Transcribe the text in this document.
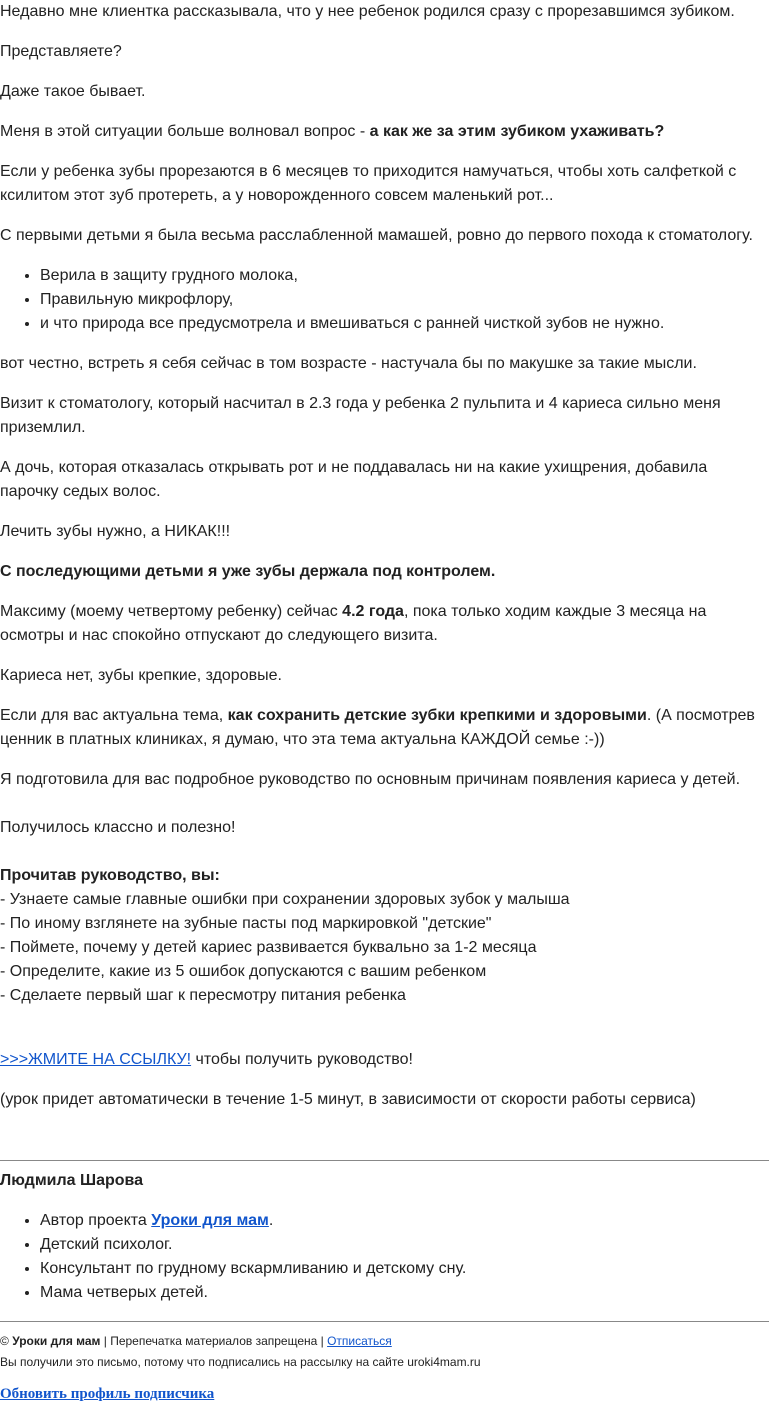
Недавно мне клиентка рассказывала, что у нее ребенок родился сразу с прорезавшимся зубиком.

Представляете?

Даже такое бывает.

Меня в этой ситуации больше волновал вопрос - а как же за этим зубиком ухаживать?

Если у ребенка зубы прорезаются в 6 месяцев то приходится намучаться, чтобы хоть салфеткой с ксилитом этот зуб протереть, а у новорожденного совсем маленький рот...

С первыми детьми я была весьма расслабленной мамашей, ровно до первого похода к стоматологу.

• Верила в защиту грудного молока,
• Правильную микрофлору,
• и что природа все предусмотрела и вмешиваться с ранней чисткой зубов не нужно.

вот честно, встреть я себя сейчас в том возрасте - настучала бы по макушке за такие мысли.

Визит к стоматологу, который насчитал в 2.3 года у ребенка 2 пульпита и 4 кариеса сильно меня приземлил.

А дочь, которая отказалась открывать рот и не поддавалась ни на какие ухищрения, добавила парочку седых волос.

Лечить зубы нужно, а НИКАК!!!

С последующими детьми я уже зубы держала под контролем.

Максиму (моему четвертому ребенку) сейчас 4.2 года, пока только ходим каждые 3 месяца на осмотры и нас спокойно отпускают до следующего визита.

Кариеса нет, зубы крепкие, здоровые.

Если для вас актуальна тема, как сохранить детские зубки крепкими и здоровыми. (А посмотрев ценник в платных клиниках, я думаю, что эта тема актуальна КАЖДОЙ семье :-))

Я подготовила для вас подробное руководство по основным причинам появления кариеса у детей.

Получилось классно и полезно!

Прочитав руководство, вы:

- Узнаете самые главные ошибки при сохранении здоровых зубок у малыша
- По иному взглянете на зубные пасты под маркировкой "детские"
- Поймете, почему у детей кариес развивается буквально за 1-2 месяца
- Определите, какие из 5 ошибок допускаются с вашим ребенком
- Сделаете первый шаг к пересмотру питания ребенка

>>>ЖМИТЕ НА ССЫЛКУ! чтобы получить руководство!

(урок придет автоматически в течение 1-5 минут, в зависимости от скорости работы сервиса)

Людмила Шарова

• Автор проекта Уроки для мам.
• Детский психолог.
• Консультант по грудному вскармливанию и детскому сну.
• Мама четверых детей.

© Уроки для мам | Перепечатка материалов запрещена | Отписаться

Вы получили это письмо, потому что подписались на рассылку на сайте uroki4mam.ru

Обновить профиль подписчика
